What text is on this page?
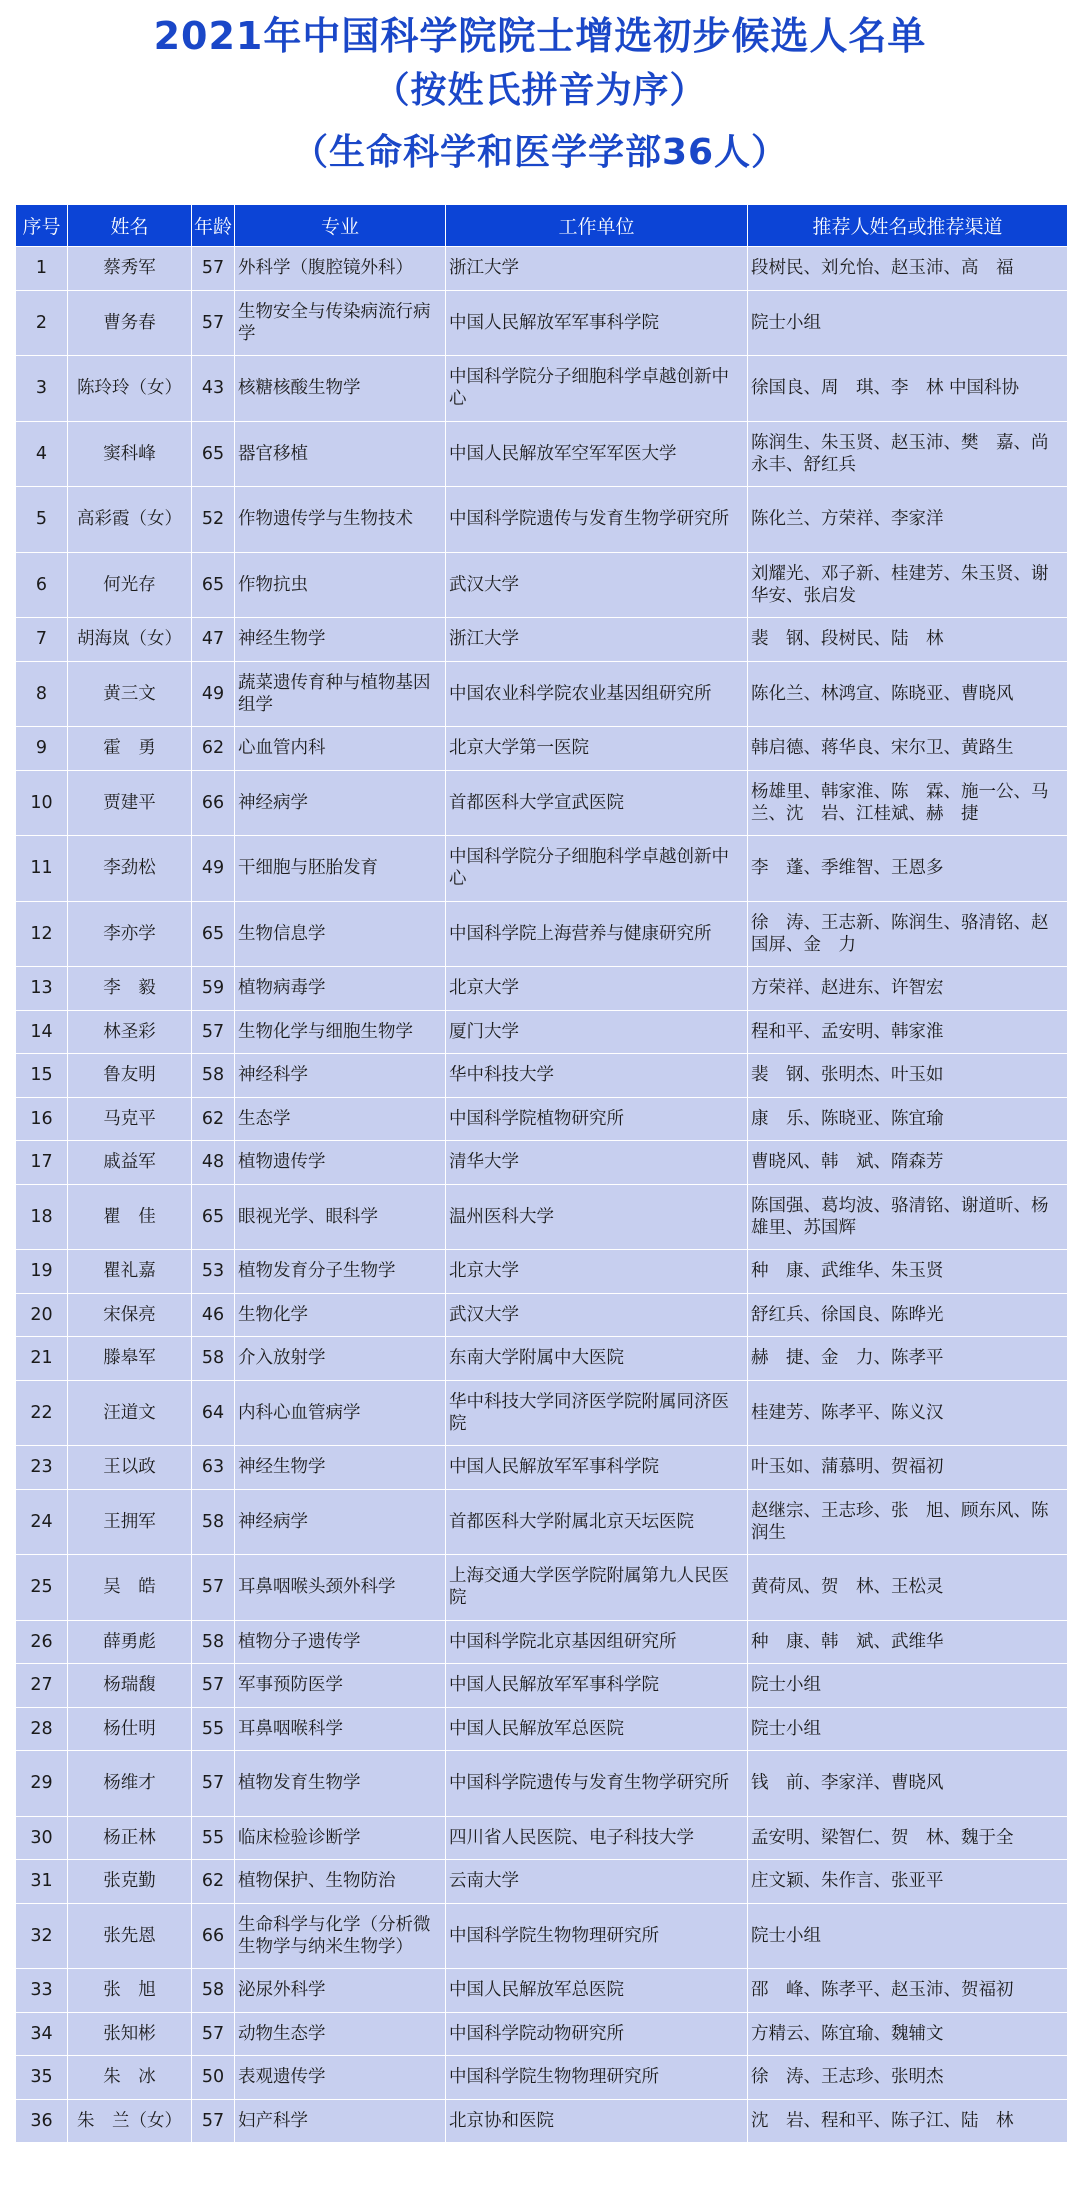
2021年中国科学院院士增选初步候选人名单
（按姓氏拼音为序）
（生命科学和医学学部36人）
序号	姓名	年龄	专业	工作单位	推荐人姓名或推荐渠道
1	蔡秀军	57	外科学（腹腔镜外科）	浙江大学	段树民、刘允怡、赵玉沛、高　福
2	曹务春	57	生物安全与传染病流行病学	中国人民解放军军事科学院	院士小组
3	陈玲玲（女）	43	核糖核酸生物学	中国科学院分子细胞科学卓越创新中心	徐国良、周　琪、李　林 中国科协
4	窦科峰	65	器官移植	中国人民解放军空军军医大学	陈润生、朱玉贤、赵玉沛、樊　嘉、尚永丰、舒红兵
5	高彩霞（女）	52	作物遗传学与生物技术	中国科学院遗传与发育生物学研究所	陈化兰、方荣祥、李家洋
6	何光存	65	作物抗虫	武汉大学	刘耀光、邓子新、桂建芳、朱玉贤、谢华安、张启发
7	胡海岚（女）	47	神经生物学	浙江大学	裴　钢、段树民、陆　林
8	黄三文	49	蔬菜遗传育种与植物基因组学	中国农业科学院农业基因组研究所	陈化兰、林鸿宣、陈晓亚、曹晓风
9	霍　勇	62	心血管内科	北京大学第一医院	韩启德、蒋华良、宋尔卫、黄路生
10	贾建平	66	神经病学	首都医科大学宣武医院	杨雄里、韩家淮、陈　霖、施一公、马　兰、沈　岩、江桂斌、赫　捷
11	李劲松	49	干细胞与胚胎发育	中国科学院分子细胞科学卓越创新中心	李　蓬、季维智、王恩多
12	李亦学	65	生物信息学	中国科学院上海营养与健康研究所	徐　涛、王志新、陈润生、骆清铭、赵国屏、金　力
13	李　毅	59	植物病毒学	北京大学	方荣祥、赵进东、许智宏
14	林圣彩	57	生物化学与细胞生物学	厦门大学	程和平、孟安明、韩家淮
15	鲁友明	58	神经科学	华中科技大学	裴　钢、张明杰、叶玉如
16	马克平	62	生态学	中国科学院植物研究所	康　乐、陈晓亚、陈宜瑜
17	戚益军	48	植物遗传学	清华大学	曹晓风、韩　斌、隋森芳
18	瞿　佳	65	眼视光学、眼科学	温州医科大学	陈国强、葛均波、骆清铭、谢道昕、杨雄里、苏国辉
19	瞿礼嘉	53	植物发育分子生物学	北京大学	种　康、武维华、朱玉贤
20	宋保亮	46	生物化学	武汉大学	舒红兵、徐国良、陈晔光
21	滕皋军	58	介入放射学	东南大学附属中大医院	赫　捷、金　力、陈孝平
22	汪道文	64	内科心血管病学	华中科技大学同济医学院附属同济医院	桂建芳、陈孝平、陈义汉
23	王以政	63	神经生物学	中国人民解放军军事科学院	叶玉如、蒲慕明、贺福初
24	王拥军	58	神经病学	首都医科大学附属北京天坛医院	赵继宗、王志珍、张　旭、顾东风、陈润生
25	吴　皓	57	耳鼻咽喉头颈外科学	上海交通大学医学院附属第九人民医院	黄荷凤、贺　林、王松灵
26	薛勇彪	58	植物分子遗传学	中国科学院北京基因组研究所	种　康、韩　斌、武维华
27	杨瑞馥	57	军事预防医学	中国人民解放军军事科学院	院士小组
28	杨仕明	55	耳鼻咽喉科学	中国人民解放军总医院	院士小组
29	杨维才	57	植物发育生物学	中国科学院遗传与发育生物学研究所	钱　前、李家洋、曹晓风
30	杨正林	55	临床检验诊断学	四川省人民医院、电子科技大学	孟安明、梁智仁、贺　林、魏于全
31	张克勤	62	植物保护、生物防治	云南大学	庄文颖、朱作言、张亚平
32	张先恩	66	生命科学与化学（分析微生物学与纳米生物学）	中国科学院生物物理研究所	院士小组
33	张　旭	58	泌尿外科学	中国人民解放军总医院	邵　峰、陈孝平、赵玉沛、贺福初
34	张知彬	57	动物生态学	中国科学院动物研究所	方精云、陈宜瑜、魏辅文
35	朱　冰	50	表观遗传学	中国科学院生物物理研究所	徐　涛、王志珍、张明杰
36	朱　兰（女）	57	妇产科学	北京协和医院	沈　岩、程和平、陈子江、陆　林
